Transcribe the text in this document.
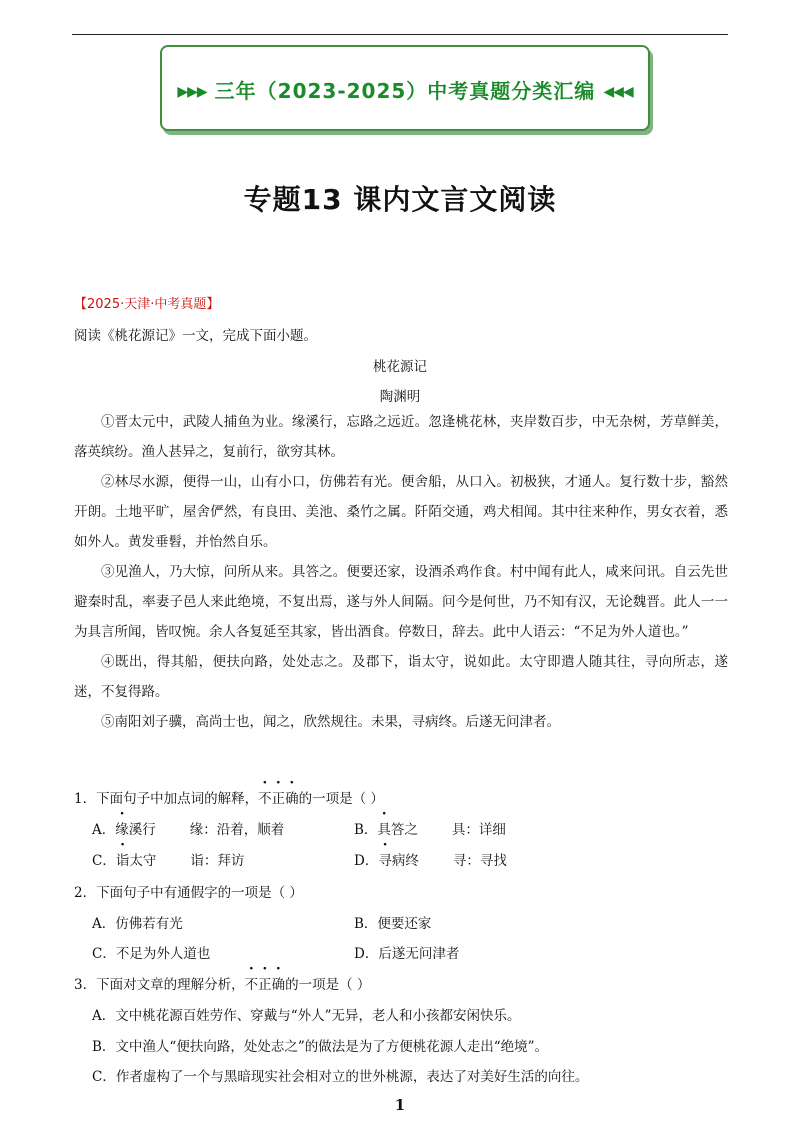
▶▶▶ 三年（2023-2025）中考真题分类汇编 ◀◀◀
专题13 课内文言文阅读
【2025·天津·中考真题】
阅读《桃花源记》一文，完成下面小题。
桃花源记
陶渊明

①晋太元中，武陵人捕鱼为业。缘溪行，忘路之远近。忽逢桃花林，夹岸数百步，中无杂树，芳草鲜美，落英缤纷。渔人甚异之，复前行，欲穷其林。

②林尽水源，便得一山，山有小口，仿佛若有光。便舍船，从口入。初极狭，才通人。复行数十步，豁然开朗。土地平旷，屋舍俨然，有良田、美池、桑竹之属。阡陌交通，鸡犬相闻。其中往来种作，男女衣着，悉如外人。黄发垂髫，并怡然自乐。

③见渔人，乃大惊，问所从来。具答之。便要还家，设酒杀鸡作食。村中闻有此人，咸来问讯。自云先世避秦时乱，率妻子邑人来此绝境，不复出焉，遂与外人间隔。问今是何世，乃不知有汉，无论魏晋。此人一一为具言所闻，皆叹惋。余人各复延至其家，皆出酒食。停数日，辞去。此中人语云：“不足为外人道也。”

④既出，得其船，便扶向路，处处志之。及郡下，诣太守，说如此。太守即遣人随其往，寻向所志，遂迷，不复得路。

⑤南阳刘子骥，高尚士也，闻之，欣然规往。未果，寻病终。后遂无问津者。

1．下面句子中加点词的解释，不正确的一项是（ ）
A．缘溪行	缘：沿着，顺着	B．具答之	具：详细
C．诣太守	诣：拜访	D．寻病终	寻：寻找
2．下面句子中有通假字的一项是（ ）
A．仿佛若有光	B．便要还家
C．不足为外人道也	D．后遂无问津者
3．下面对文章的理解分析，不正确的一项是（ ）
A．文中桃花源百姓劳作、穿戴与“外人”无异，老人和小孩都安闲快乐。
B．文中渔人“便扶向路，处处志之”的做法是为了方便桃花源人走出“绝境”。
C．作者虚构了一个与黑暗现实社会相对立的世外桃源，表达了对美好生活的向往。
1
